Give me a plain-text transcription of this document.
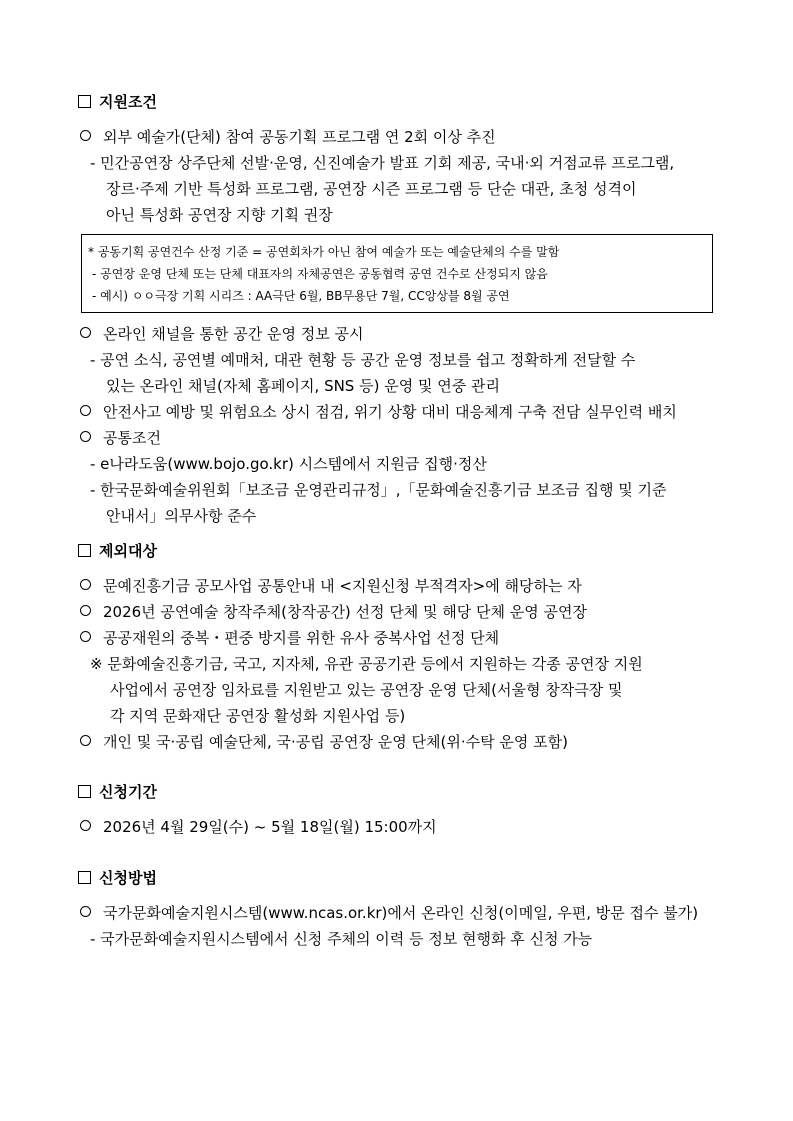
지원조건
외부 예술가(단체) 참여 공동기획 프로그램 연 2회 이상 추진
- 민간공연장 상주단체 선발·운영, 신진예술가 발표 기회 제공, 국내·외 거점교류 프로그램,
장르·주제 기반 특성화 프로그램, 공연장 시즌 프로그램 등 단순 대관, 초청 성격이
아닌 특성화 공연장 지향 기획 권장
* 공동기획 공연건수 산정 기준 = 공연회차가 아닌 참여 예술가 또는 예술단체의 수를 말함
- 공연장 운영 단체 또는 단체 대표자의 자체공연은 공동협력 공연 건수로 산정되지 않음
- 예시) ㅇㅇ극장 기획 시리즈 : AA극단 6월, BB무용단 7월, CC앙상블 8월 공연
온라인 채널을 통한 공간 운영 정보 공시
- 공연 소식, 공연별 예매처, 대관 현황 등 공간 운영 정보를 쉽고 정확하게 전달할 수
있는 온라인 채널(자체 홈페이지, SNS 등) 운영 및 연중 관리
안전사고 예방 및 위험요소 상시 점검, 위기 상황 대비 대응체계 구축 전담 실무인력 배치
공통조건
- e나라도움(www.bojo.go.kr) 시스템에서 지원금 집행·정산
- 한국문화예술위원회「보조금 운영관리규정」,「문화예술진흥기금 보조금 집행 및 기준
안내서」의무사항 준수
제외대상
문예진흥기금 공모사업 공통안내 내 <지원신청 부적격자>에 해당하는 자
2026년 공연예술 창작주체(창작공간) 선정 단체 및 해당 단체 운영 공연장
공공재원의 중복・편중 방지를 위한 유사 중복사업 선정 단체
※ 문화예술진흥기금, 국고, 지자체, 유관 공공기관 등에서 지원하는 각종 공연장 지원
사업에서 공연장 임차료를 지원받고 있는 공연장 운영 단체(서울형 창작극장 및
각 지역 문화재단 공연장 활성화 지원사업 등)
개인 및 국·공립 예술단체, 국·공립 공연장 운영 단체(위·수탁 운영 포함)
신청기간
2026년 4월 29일(수) ~ 5월 18일(월) 15:00까지
신청방법
국가문화예술지원시스템(www.ncas.or.kr)에서 온라인 신청(이메일, 우편, 방문 접수 불가)
- 국가문화예술지원시스템에서 신청 주체의 이력 등 정보 현행화 후 신청 가능
